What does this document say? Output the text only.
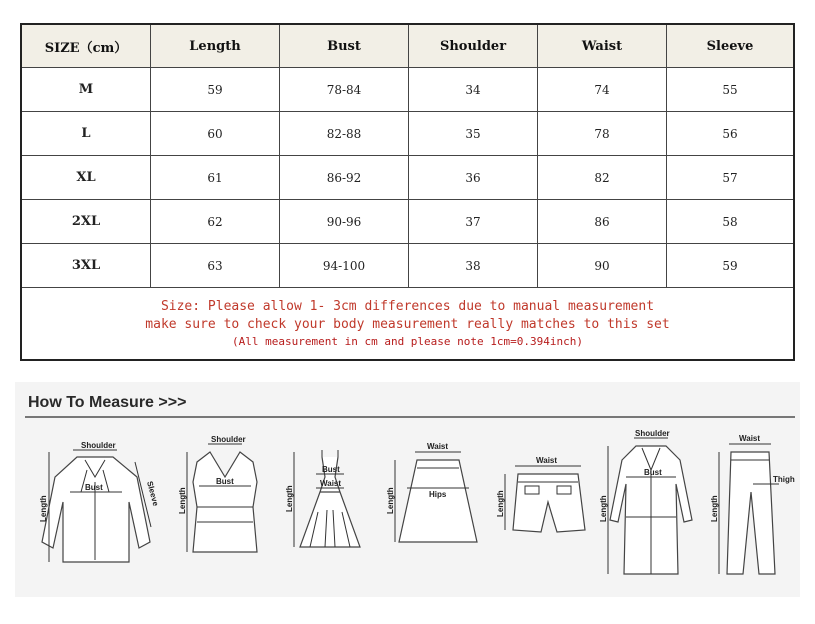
SIZE（cm）	Length	Bust	Shoulder	Waist	Sleeve
M	59	78-84	34	74	55
L	60	82-88	35	78	56
XL	61	86-92	36	82	57
2XL	62	90-96	37	86	58
3XL	63	94-100	38	90	59

Size: Please allow 1- 3cm differences due to manual measurement
make sure to check your body measurement really matches to this set
(All measurement in cm and please note 1cm=0.394inch)					
How To Measure >>>
Shoulder
Bust
Length
Sleeve
Shoulder
Bust
Length
Bust
Waist
Length
Waist
Hips
Length
Waist
Length
Shoulder
Bust
Length
Waist
Thigh
Length
